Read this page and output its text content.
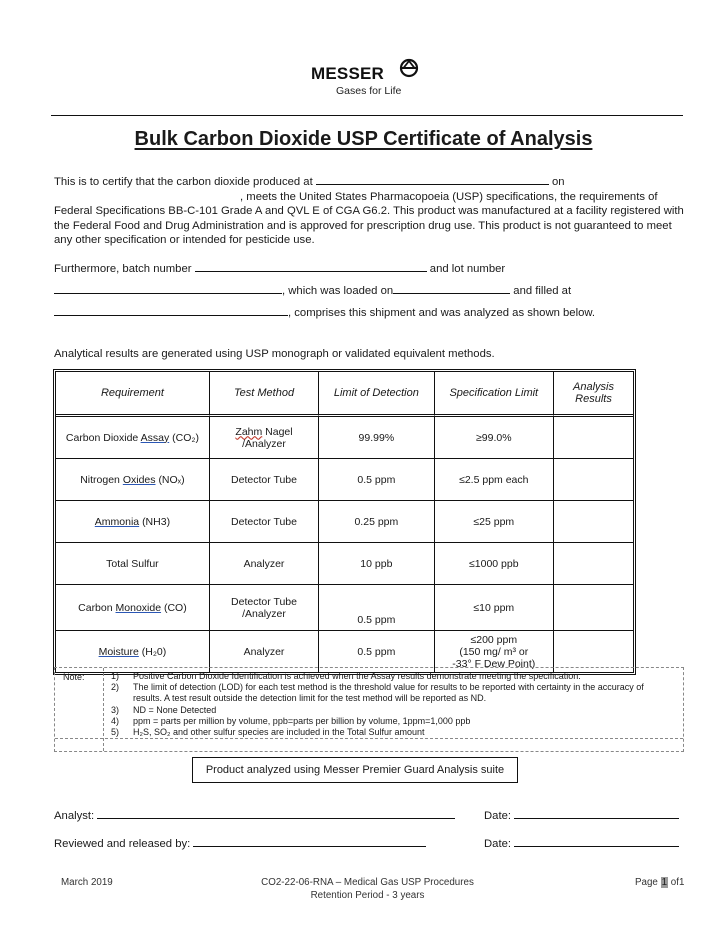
MESSER
Gases for Life
Bulk Carbon Dioxide USP Certificate of Analysis
This is to certify that the carbon dioxide produced at	on
, meets the United States Pharmacopoeia (USP) specifications, the requirements of
Federal Specifications BB-C-101 Grade A and QVL E of CGA G6.2. This product was manufactured at a facility registered with
the Federal Food and Drug Administration and is approved for prescription drug use. This product is not guaranteed to meet
any other specification or intended for pesticide use.
Furthermore, batch number	and lot number
, which was loaded on	and filled at
, comprises this shipment and was analyzed as shown below.
Analytical results are generated using USP monograph or validated equivalent methods.
Requirement	Test Method	Limit of Detection	Specification Limit	Analysis Results
Carbon Dioxide Assay (CO₂)	Zahm Nagel
/Analyzer	99.99%	≥99.0%	
Nitrogen Oxides (NOₓ)	Detector Tube	0.5 ppm	≤2.5 ppm each	
Ammonia (NH3)	Detector Tube	0.25 ppm	≤25 ppm	
Total Sulfur	Analyzer	10 ppb	≤1000 ppb	
Carbon Monoxide (CO)	Detector Tube
/Analyzer	0.5 ppm	≤10 ppm	
Moisture (H₂0)	Analyzer	0.5 ppm	≤200 ppm
(150 mg/ m³ or
-33° F Dew Point)	
Note:	1)	Positive Carbon Dioxide Identification is achieved when the Assay results demonstrate meeting the specification.
2)	The limit of detection (LOD) for each test method is the threshold value for results to be reported with certainty in the accuracy of results. A test result outside the detection limit for the test method will be reported as ND.
3)	ND = None Detected
4)	ppm = parts per million by volume, ppb=parts per billion by volume, 1ppm=1,000 ppb
5)	H₂S, SO₂ and other sulfur species are included in the Total Sulfur amount
Product analyzed using Messer Premier Guard Analysis suite
Analyst:	Date:
Reviewed and released by:	Date:
March 2019	CO2-22-06-RNA – Medical Gas USP Procedures
Retention Period - 3 years
Page 1 of1
